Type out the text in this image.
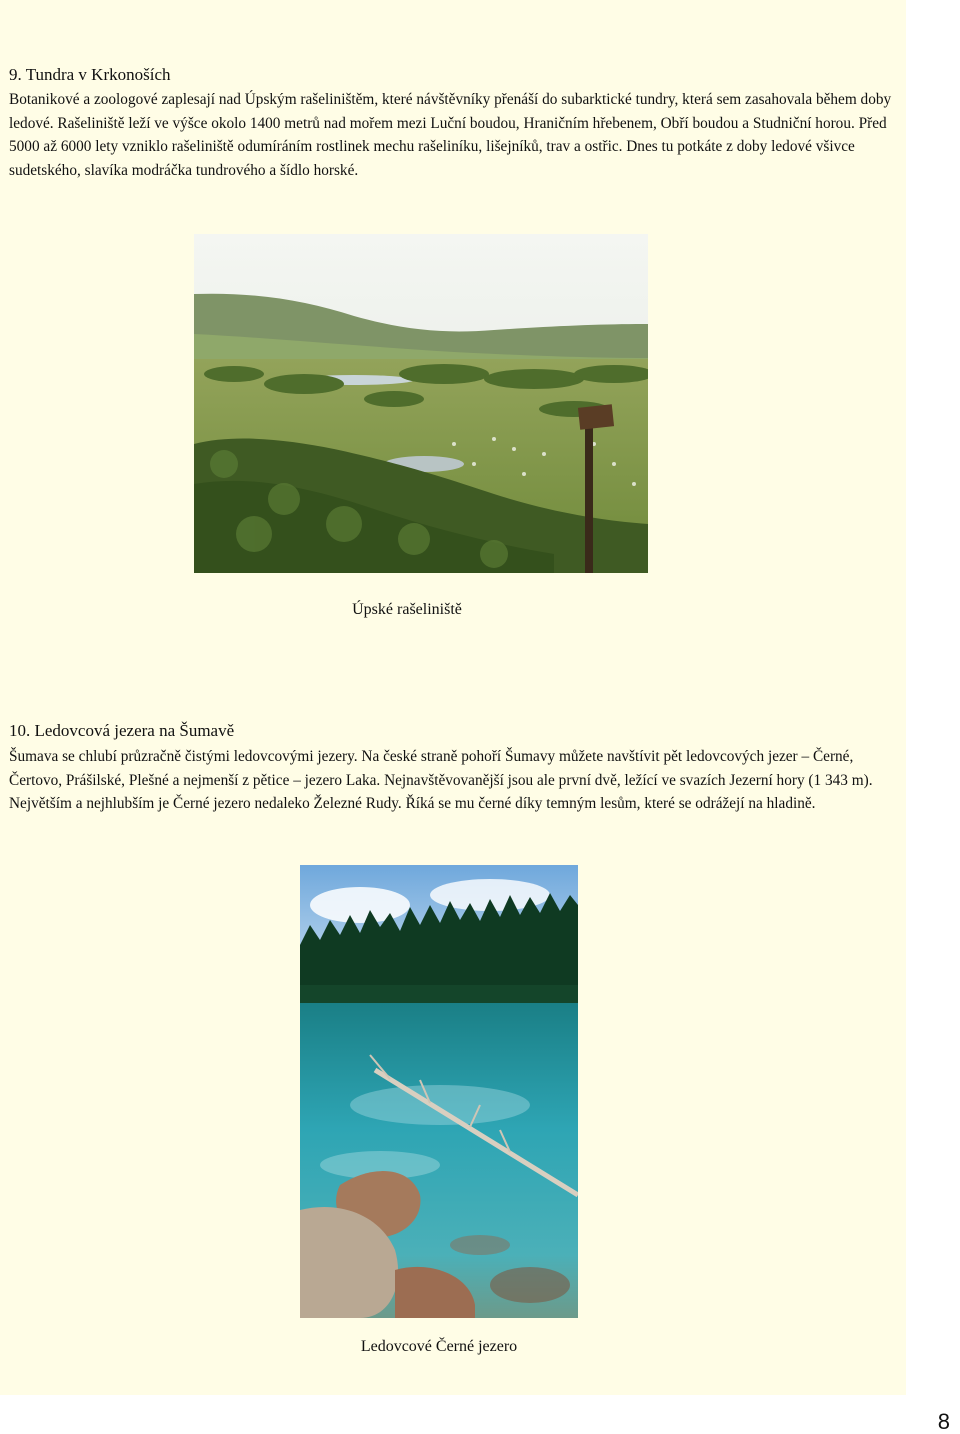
9. Tundra v Krkonoších

Botanikové a zoologové zaplesají nad Úpským rašeliništěm, které návštěvníky přenáší do subarktické tundry, která sem zasahovala během doby ledové. Rašeliniště leží ve výšce okolo 1400 metrů nad mořem mezi Luční boudou, Hraničním hřebenem, Obří boudou a Studniční horou. Před 5000 až 6000 lety vzniklo rašeliniště odumíráním rostlinek mechu rašeliníku, lišejníků, trav a ostřic. Dnes tu potkáte z doby ledové všivce sudetského, slavíka modráčka tundrového a šídlo horské.

Úpské rašeliniště
10. Ledovcová jezera na Šumavě

Šumava se chlubí průzračně čistými ledovcovými jezery. Na české straně pohoří Šumavy můžete navštívit pět ledovcových jezer – Černé, Čertovo, Prášilské, Plešné a nejmenší z pětice – jezero Laka. Nejnavštěvovanější jsou ale první dvě, ležící ve svazích Jezerní hory (1 343 m). Největším a nejhlubším je Černé jezero nedaleko Železné Rudy. Říká se mu černé díky temným lesům, které se odrážejí na hladině.

Ledovcové Černé jezero
8
